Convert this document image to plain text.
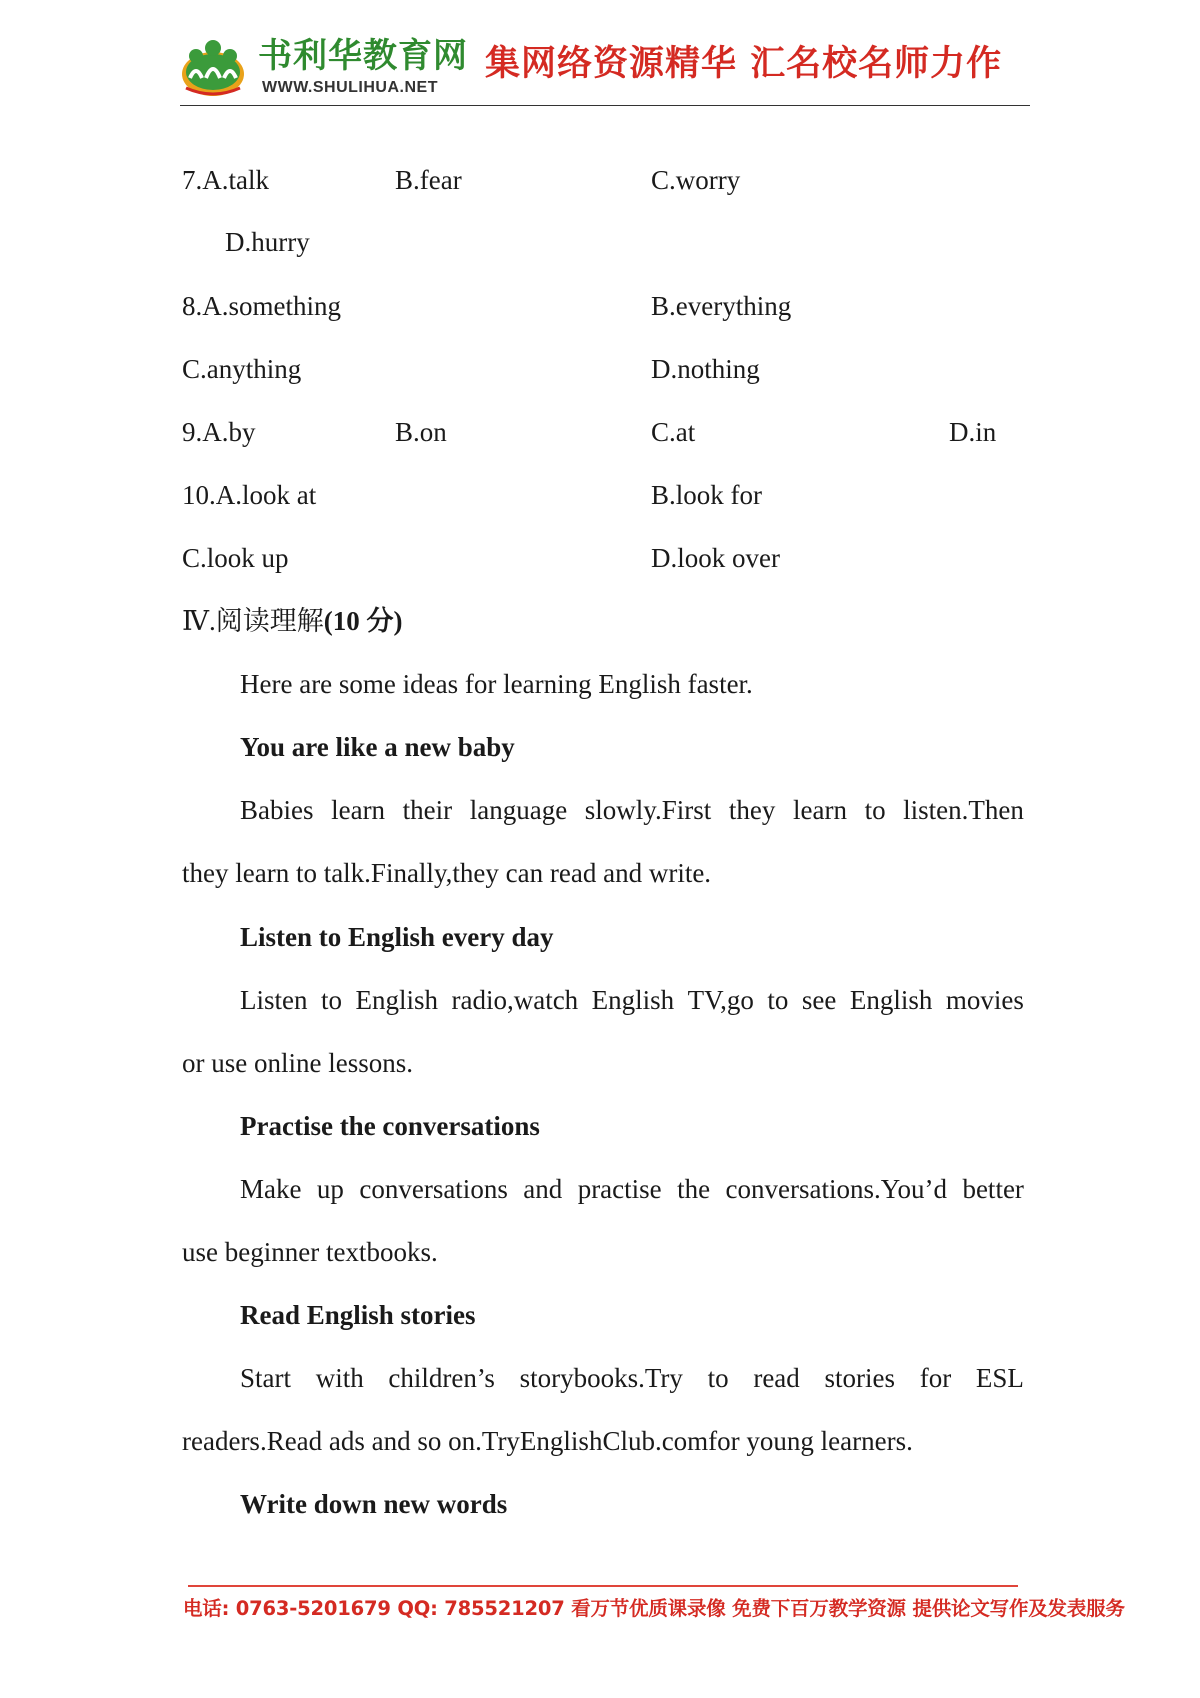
书利华教育网
WWW.SHULIHUA.NET
集网络资源精华 汇名校名师力作
7.A.talk	B.fear	C.worry
D.hurry
8.A.something	B.everything
C.anything	D.nothing
9.A.by	B.on	C.at	D.in
10.A.look at	B.look for
C.look up	D.look over
Ⅳ.阅读理解(10 分)
Here are some ideas for learning English faster.
You are like a new baby
Babies learn their language slowly.First they learn to listen.Then
they learn to talk.Finally,they can read and write.
Listen to English every day
Listen to English radio,watch English TV,go to see English movies
or use online lessons.
Practise the conversations
Make up conversations and practise the conversations.You’d better
use beginner textbooks.
Read English stories
Start with children’s storybooks.Try to read stories for ESL
readers.Read ads and so on.TryEnglishClub.comfor young learners.
Write down new words
电话: 0763-5201679 QQ: 785521207 看万节优质课录像 免费下百万教学资源 提供论文写作及发表服务
